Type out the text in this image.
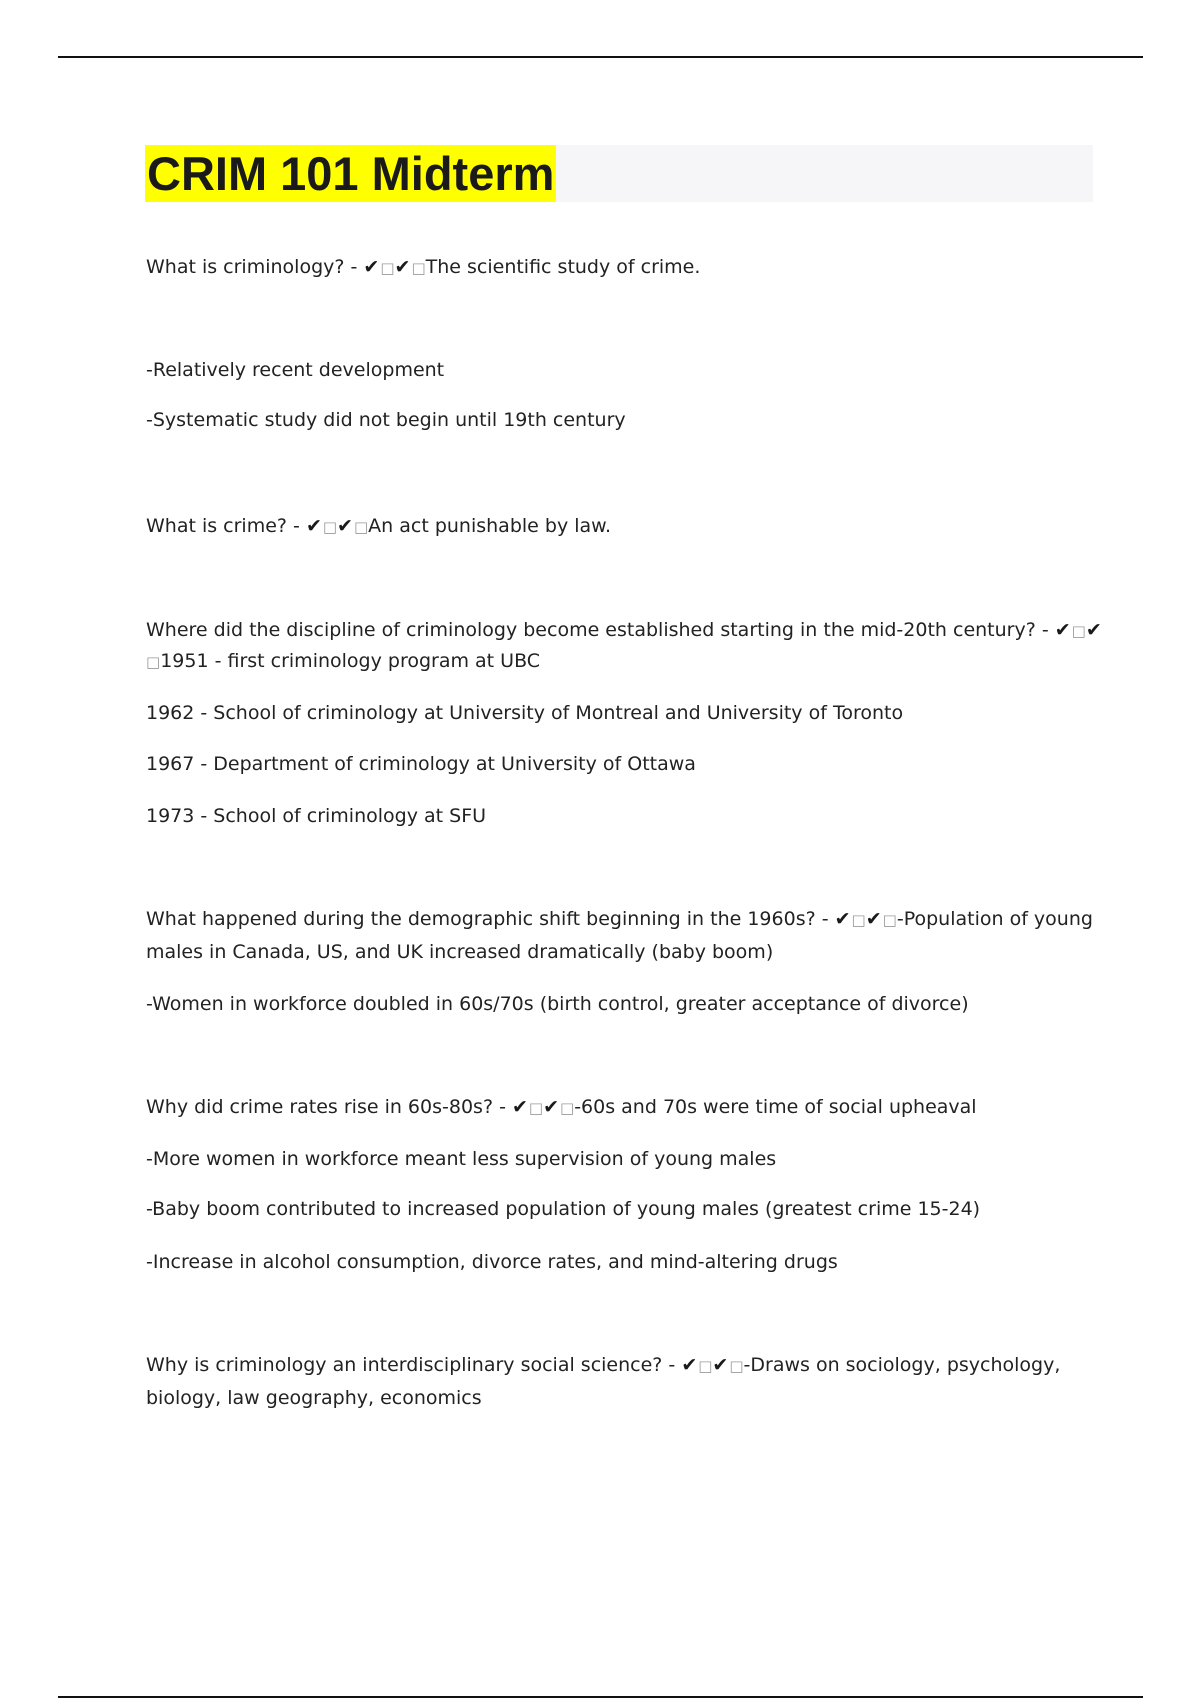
CRIM 101 Midterm
What is criminology? - ✔□✔□The scientific study of crime.
-Relatively recent development
-Systematic study did not begin until 19th century
What is crime? - ✔□✔□An act punishable by law.
Where did the discipline of criminology become established starting in the mid-20th century? - ✔□✔
□1951 - first criminology program at UBC
1962 - School of criminology at University of Montreal and University of Toronto
1967 - Department of criminology at University of Ottawa
1973 - School of criminology at SFU
What happened during the demographic shift beginning in the 1960s? - ✔□✔□-Population of young
males in Canada, US, and UK increased dramatically (baby boom)
-Women in workforce doubled in 60s/70s (birth control, greater acceptance of divorce)
Why did crime rates rise in 60s-80s? - ✔□✔□-60s and 70s were time of social upheaval
-More women in workforce meant less supervision of young males
-Baby boom contributed to increased population of young males (greatest crime 15-24)
-Increase in alcohol consumption, divorce rates, and mind-altering drugs
Why is criminology an interdisciplinary social science? - ✔□✔□-Draws on sociology, psychology,
biology, law geography, economics
